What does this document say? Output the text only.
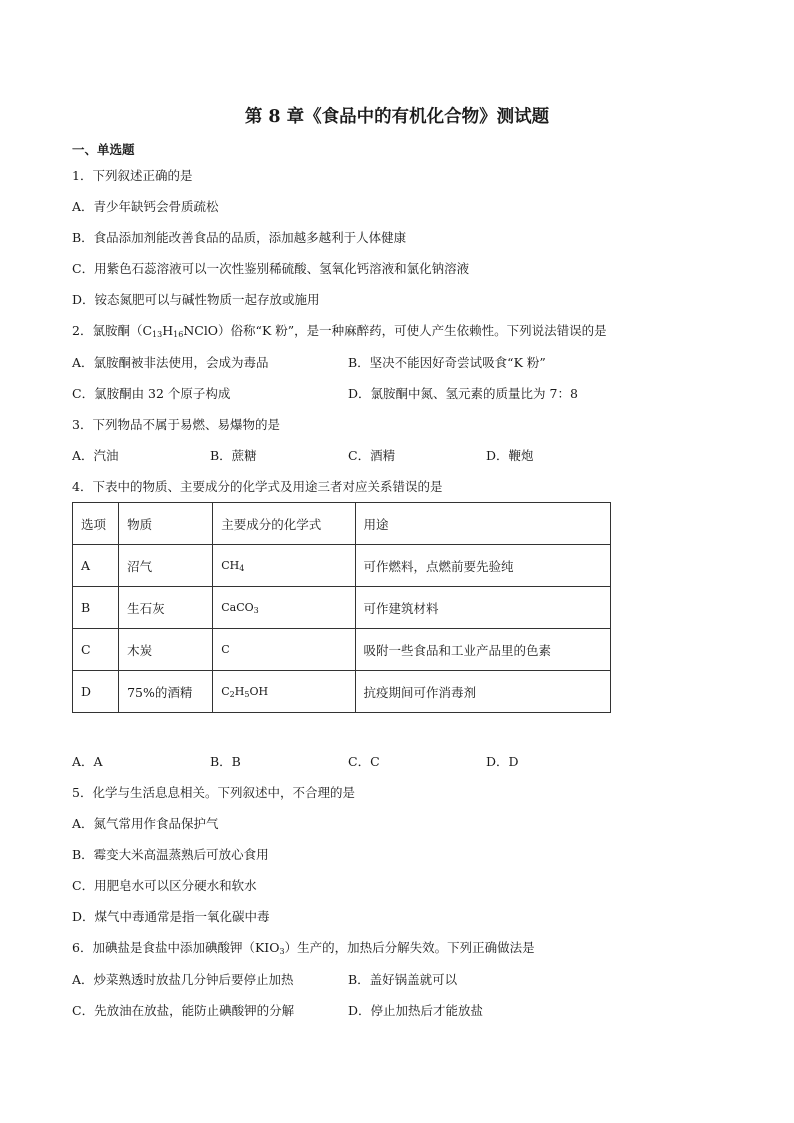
第 8 章《食品中的有机化合物》测试题
一、单选题
1．下列叙述正确的是
A．青少年缺钙会骨质疏松
B．食品添加剂能改善食品的品质，添加越多越利于人体健康
C．用紫色石蕊溶液可以一次性鉴别稀硫酸、氢氧化钙溶液和氯化钠溶液
D．铵态氮肥可以与碱性物质一起存放或施用
2．氯胺酮$(C_{13}H_{16}NClO)$俗称“K 粉”，是一种麻醉药，可使人产生依赖性。下列说法错误的是
A．氯胺酮被非法使用，会成为毒品	B．坚决不能因好奇尝试吸食“K 粉”
C．氯胺酮由 32 个原子构成	D．氯胺酮中氮、氢元素的质量比为 7：8
3．下列物品不属于易燃、易爆物的是
A．汽油	B．蔗糖	C．酒精	D．鞭炮
4．下表中的物质、主要成分的化学式及用途三者对应关系错误的是
选项	物质	主要成分的化学式	用途
A	沼气	$CH_4$	可作燃料，点燃前要先验纯
B	生石灰	CaCO$_3$	可作建筑材料
C	木炭	C	吸附一些食品和工业产品里的色素
D	75%的酒精	$C_2H_5OH$	抗疫期间可作消毒剂
A．A	B．B	C．C	D．D
5．化学与生活息息相关。下列叙述中，不合理的是
A．氮气常用作食品保护气
B．霉变大米高温蒸熟后可放心食用
C．用肥皂水可以区分硬水和软水
D．煤气中毒通常是指一氧化碳中毒
6．加碘盐是食盐中添加碘酸钾$(KIO_3)$生产的，加热后分解失效。下列正确做法是
A．炒菜熟透时放盐几分钟后要停止加热	B．盖好锅盖就可以
C．先放油在放盐，能防止碘酸钾的分解	D．停止加热后才能放盐
